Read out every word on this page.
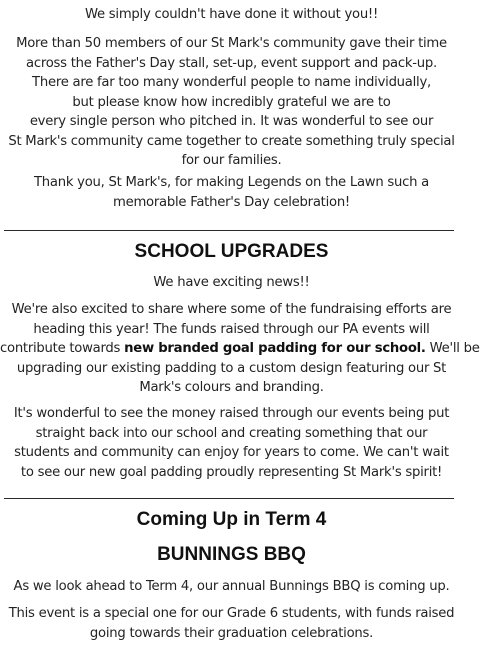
We simply couldn't have done it without you!!

More than 50 members of our St Mark's community gave their time
across the Father's Day stall, set-up, event support and pack-up.
There are far too many wonderful people to name individually,
but please know how incredibly grateful we are to
every single person who pitched in. It was wonderful to see our
St Mark's community came together to create something truly special
for our families.

Thank you, St Mark's, for making Legends on the Lawn such a
memorable Father's Day celebration!

SCHOOL UPGRADES

We have exciting news!!

We're also excited to share where some of the fundraising efforts are
heading this year! The funds raised through our PA events will
contribute towards new branded goal padding for our school. We'll be
upgrading our existing padding to a custom design featuring our St
Mark's colours and branding.

It's wonderful to see the money raised through our events being put
straight back into our school and creating something that our
students and community can enjoy for years to come. We can't wait
to see our new goal padding proudly representing St Mark's spirit!

Coming Up in Term 4
BUNNINGS BBQ

As we look ahead to Term 4, our annual Bunnings BBQ is coming up.

This event is a special one for our Grade 6 students, with funds raised
going towards their graduation celebrations.
